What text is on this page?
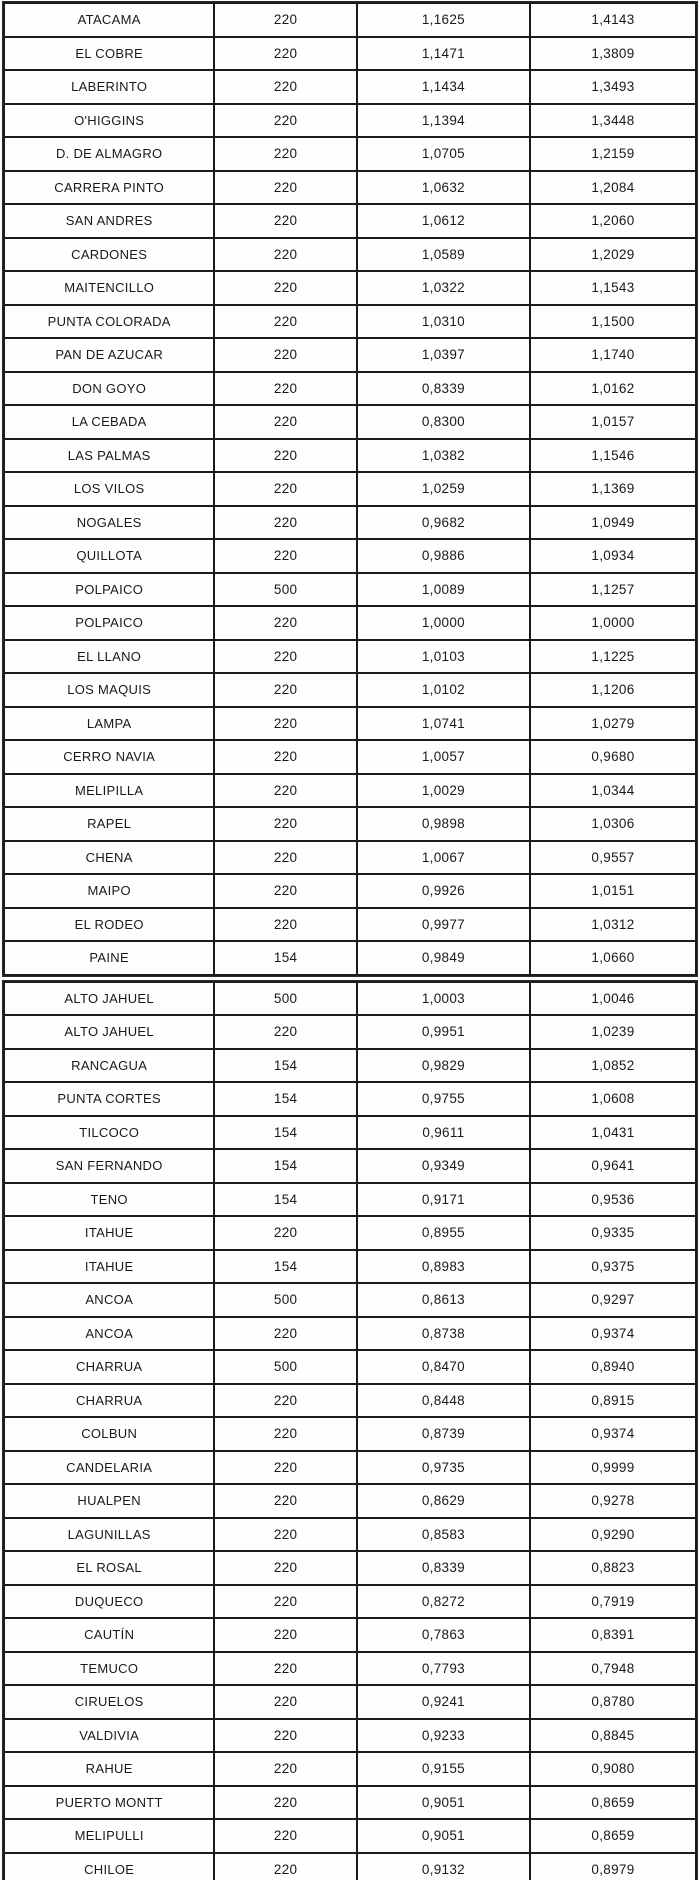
ATACAMA	220	1,1625	1,4143
EL COBRE	220	1,1471	1,3809
LABERINTO	220	1,1434	1,3493
O'HIGGINS	220	1,1394	1,3448
D. DE ALMAGRO	220	1,0705	1,2159
CARRERA PINTO	220	1,0632	1,2084
SAN ANDRES	220	1,0612	1,2060
CARDONES	220	1,0589	1,2029
MAITENCILLO	220	1,0322	1,1543
PUNTA COLORADA	220	1,0310	1,1500
PAN DE AZUCAR	220	1,0397	1,1740
DON GOYO	220	0,8339	1,0162
LA CEBADA	220	0,8300	1,0157
LAS PALMAS	220	1,0382	1,1546
LOS VILOS	220	1,0259	1,1369
NOGALES	220	0,9682	1,0949
QUILLOTA	220	0,9886	1,0934
POLPAICO	500	1,0089	1,1257
POLPAICO	220	1,0000	1,0000
EL LLANO	220	1,0103	1,1225
LOS MAQUIS	220	1,0102	1,1206
LAMPA	220	1,0741	1,0279
CERRO NAVIA	220	1,0057	0,9680
MELIPILLA	220	1,0029	1,0344
RAPEL	220	0,9898	1,0306
CHENA	220	1,0067	0,9557
MAIPO	220	0,9926	1,0151
EL RODEO	220	0,9977	1,0312
PAINE	154	0,9849	1,0660
ALTO JAHUEL	500	1,0003	1,0046
ALTO JAHUEL	220	0,9951	1,0239
RANCAGUA	154	0,9829	1,0852
PUNTA CORTES	154	0,9755	1,0608
TILCOCO	154	0,9611	1,0431
SAN FERNANDO	154	0,9349	0,9641
TENO	154	0,9171	0,9536
ITAHUE	220	0,8955	0,9335
ITAHUE	154	0,8983	0,9375
ANCOA	500	0,8613	0,9297
ANCOA	220	0,8738	0,9374
CHARRUA	500	0,8470	0,8940
CHARRUA	220	0,8448	0,8915
COLBUN	220	0,8739	0,9374
CANDELARIA	220	0,9735	0,9999
HUALPEN	220	0,8629	0,9278
LAGUNILLAS	220	0,8583	0,9290
EL ROSAL	220	0,8339	0,8823
DUQUECO	220	0,8272	0,7919
CAUTÍN	220	0,7863	0,8391
TEMUCO	220	0,7793	0,7948
CIRUELOS	220	0,9241	0,8780
VALDIVIA	220	0,9233	0,8845
RAHUE	220	0,9155	0,9080
PUERTO MONTT	220	0,9051	0,8659
MELIPULLI	220	0,9051	0,8659
CHILOE	220	0,9132	0,8979
